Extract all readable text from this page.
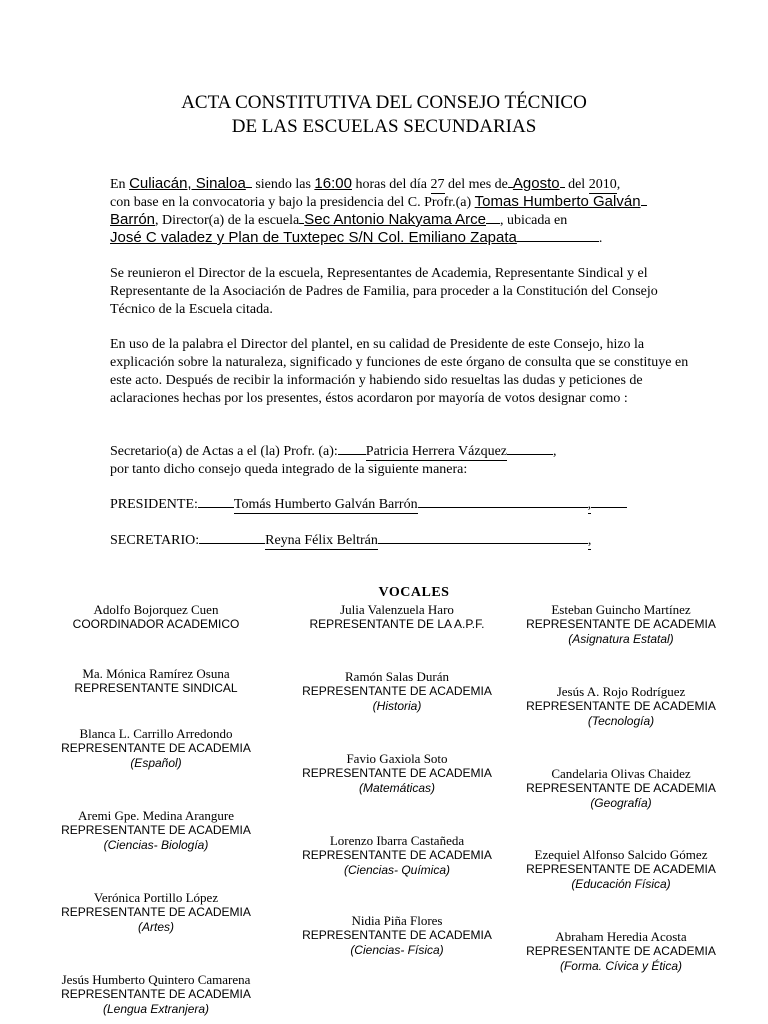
ACTA CONSTITUTIVA DEL CONSEJO TÉCNICO
DE LAS ESCUELAS SECUNDARIAS
En Culiacán, Sinaloa siendo las 16:00 horas del día 27 del mes de Agosto del 2010,
con base en la convocatoria y bajo la presidencia del C. Profr.(a) Tomas Humberto Galván
Barrón, Director(a) de la escuela Sec Antonio Nakyama Arce , ubicada en
José C valadez y Plan de Tuxtepec S/N Col. Emiliano Zapata	.
Se reunieron el Director de la escuela, Representantes de Academia, Representante Sindical y el Representante de la Asociación de Padres de Familia, para proceder a la Constitución del Consejo Técnico de la Escuela citada.
En uso de la palabra el Director del plantel, en su calidad de Presidente de este Consejo, hizo la explicación sobre la naturaleza, significado y funciones de este órgano de consulta que se constituye en este acto. Después de recibir la información y habiendo sido resueltas las dudas y peticiones de aclaraciones hechas por los presentes, éstos acordaron por mayoría de votos designar como :
Secretario(a) de Actas a el (la) Profr. (a): Patricia Herrera Vázquez	,
por tanto dicho consejo queda integrado de la siguiente manera:
PRESIDENTE:	Tomás Humberto Galván Barrón	,
SECRETARIO:	Reyna Félix Beltrán	,
VOCALES
Adolfo Bojorquez Cuen
COORDINADOR ACADEMICO
Ma. Mónica Ramírez Osuna
REPRESENTANTE SINDICAL
Blanca L. Carrillo Arredondo
REPRESENTANTE DE ACADEMIA
(Español)
Aremi Gpe. Medina Arangure
REPRESENTANTE DE ACADEMIA
(Ciencias- Biología)
Verónica Portillo López
REPRESENTANTE DE ACADEMIA
(Artes)
Jesús Humberto Quintero Camarena
REPRESENTANTE DE ACADEMIA
(Lengua Extranjera)
Julia Valenzuela Haro
REPRESENTANTE DE LA A.P.F.
Ramón Salas Durán
REPRESENTANTE DE ACADEMIA
(Historia)
Favio Gaxiola Soto
REPRESENTANTE DE ACADEMIA
(Matemáticas)
Lorenzo Ibarra Castañeda
REPRESENTANTE DE ACADEMIA
(Ciencias- Química)
Nidia Piña Flores
REPRESENTANTE DE ACADEMIA
(Ciencias- Física)
Esteban Guincho Martínez
REPRESENTANTE DE ACADEMIA
(Asignatura Estatal)
Jesús A. Rojo Rodríguez
REPRESENTANTE DE ACADEMIA
(Tecnología)
Candelaria Olivas Chaidez
REPRESENTANTE DE ACADEMIA
(Geografía)
Ezequiel Alfonso Salcido Gómez
REPRESENTANTE DE ACADEMIA
(Educación Física)
Abraham Heredia Acosta
REPRESENTANTE DE ACADEMIA
(Forma. Cívica y Ética)
